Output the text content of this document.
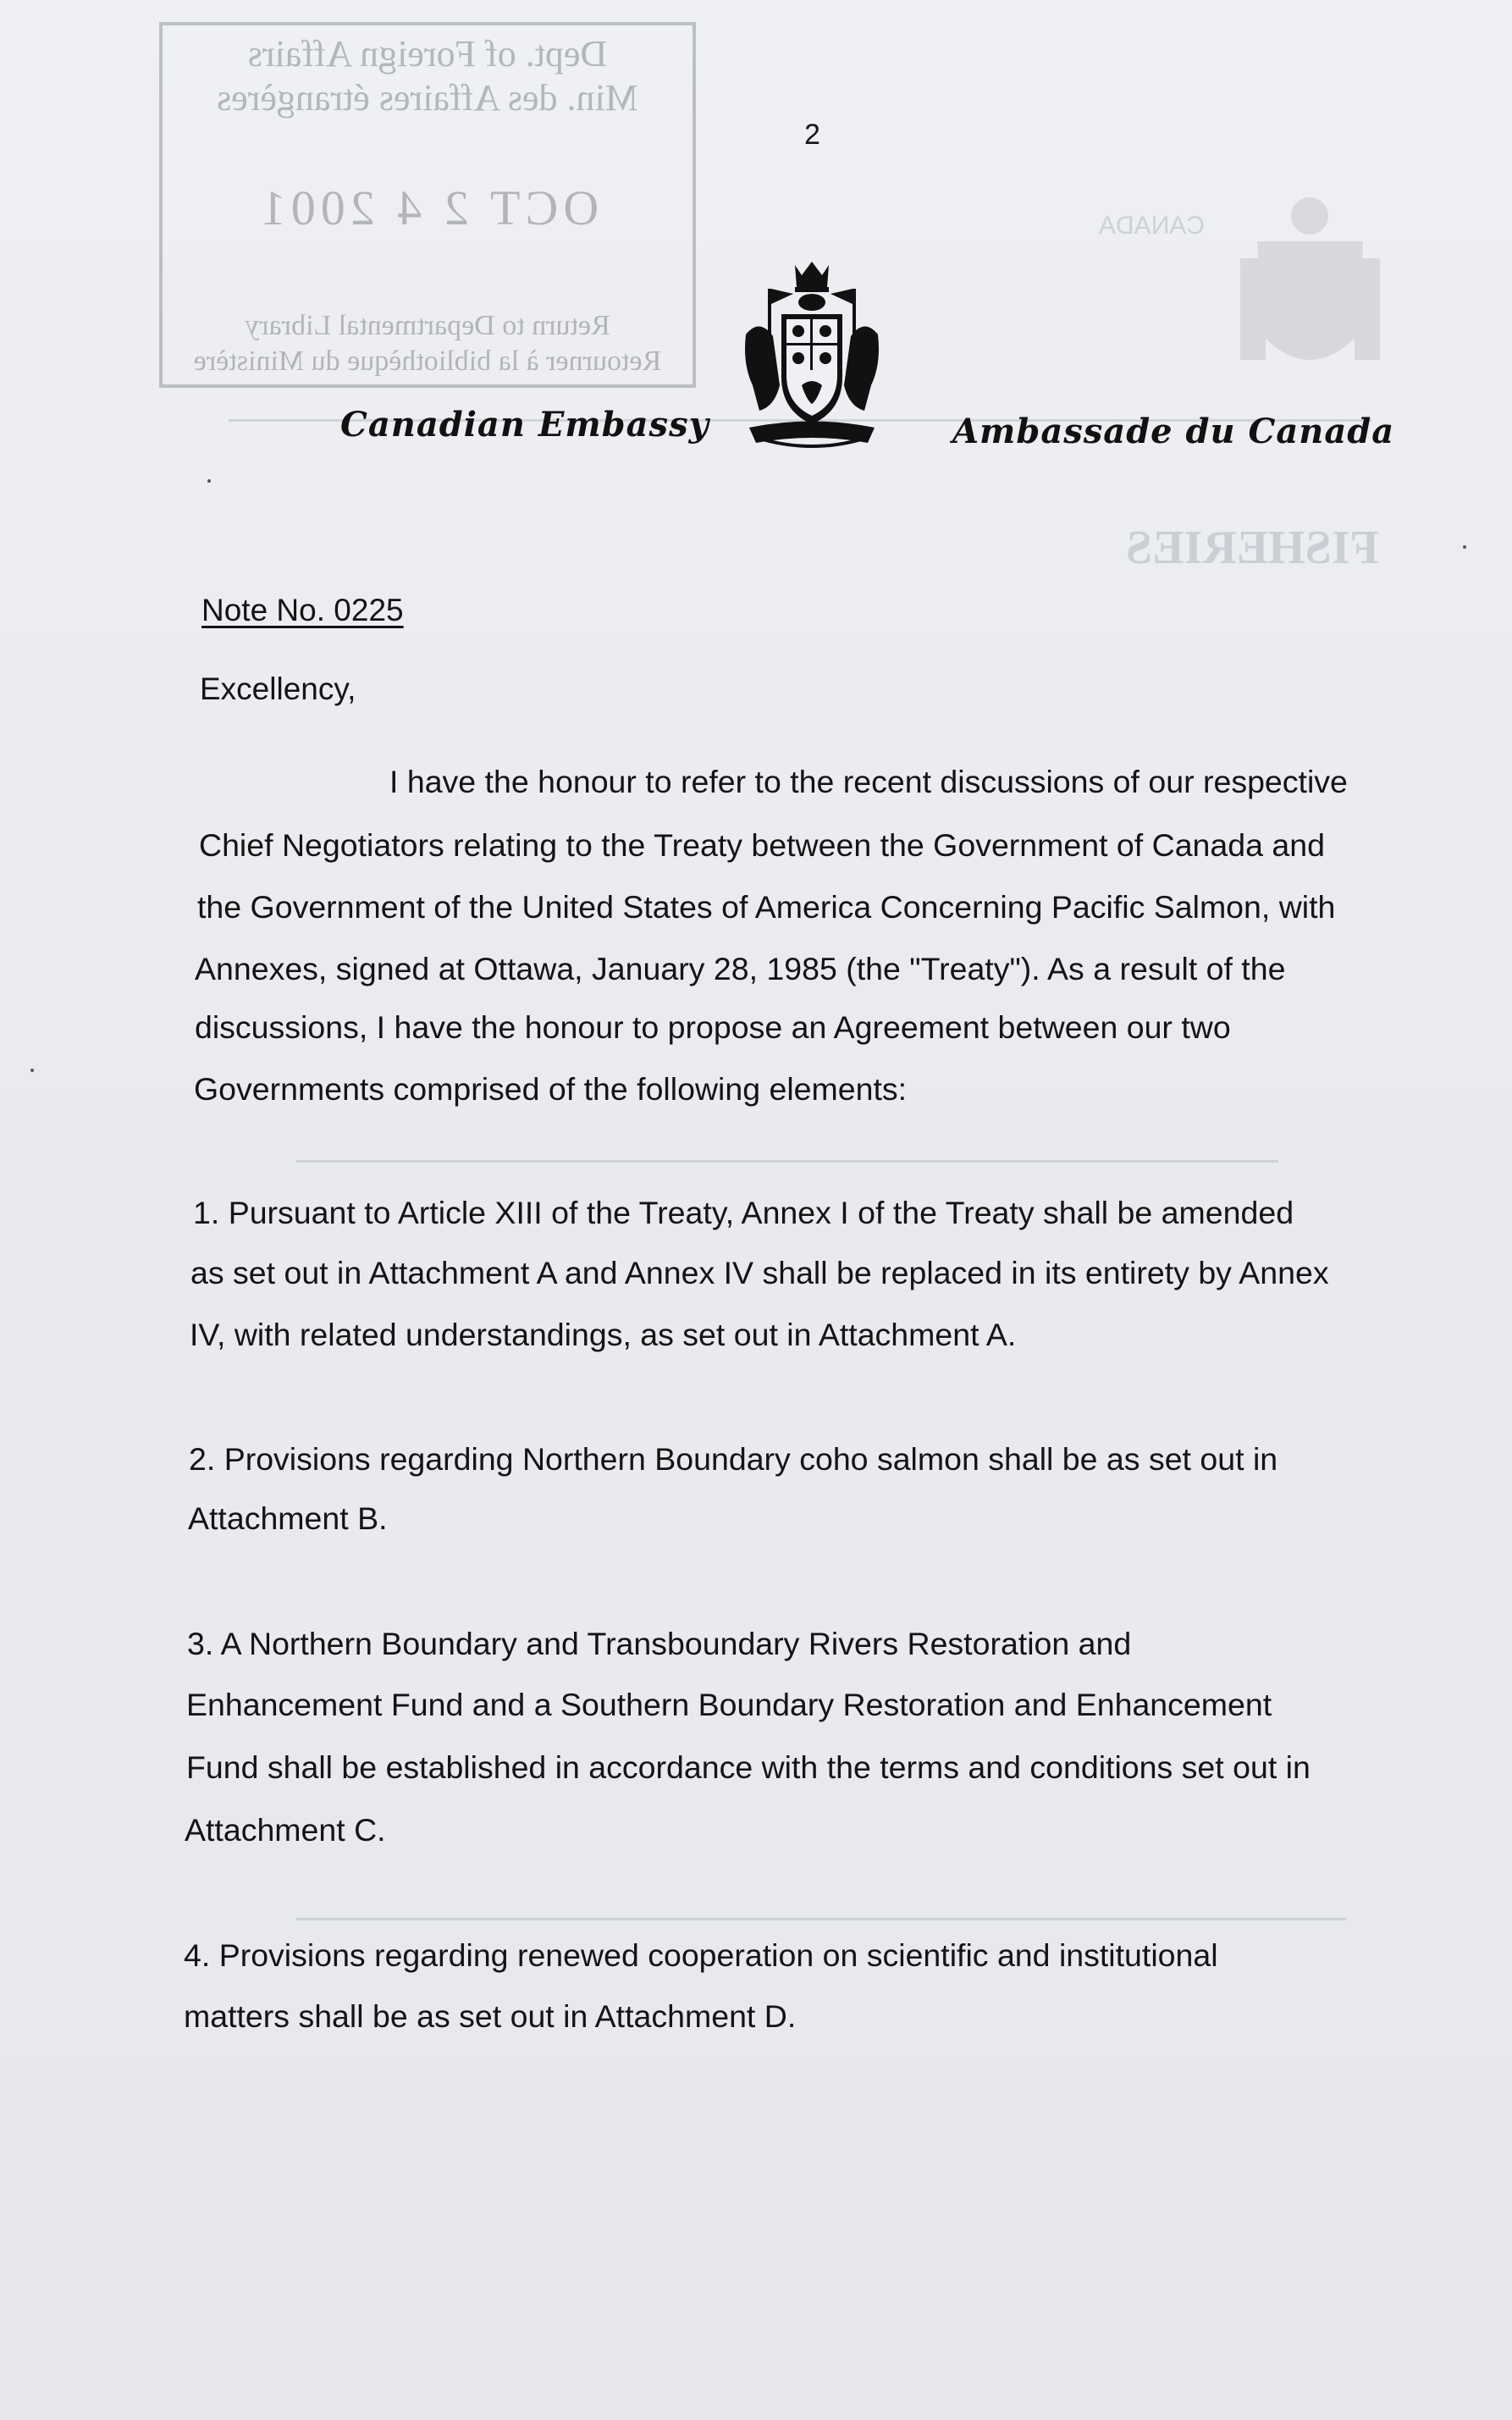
Dept. of Foreign Affairs
Min. des Affaires étrangères
OCT 2 4 2001
Return to Departmental Library
Retourner à la bibliothèque du Ministère
CANADA
FISHERIES
2
Canadian Embassy	Ambassade du Canada
Note No. 0225
Excellency,
I have the honour to refer to the recent discussions of our respective
Chief Negotiators relating to the Treaty between the Government of Canada and
the Government of the United States of America Concerning Pacific Salmon, with
Annexes, signed at Ottawa, January 28, 1985 (the "Treaty"). As a result of the
discussions, I have the honour to propose an Agreement between our two
Governments comprised of the following elements:
1. Pursuant to Article XIII of the Treaty, Annex I of the Treaty shall be amended
as set out in Attachment A and Annex IV shall be replaced in its entirety by Annex
IV, with related understandings, as set out in Attachment A.
2. Provisions regarding Northern Boundary coho salmon shall be as set out in
Attachment B.
3. A Northern Boundary and Transboundary Rivers Restoration and
Enhancement Fund and a Southern Boundary Restoration and Enhancement
Fund shall be established in accordance with the terms and conditions set out in
Attachment C.
4. Provisions regarding renewed cooperation on scientific and institutional
matters shall be as set out in Attachment D.
